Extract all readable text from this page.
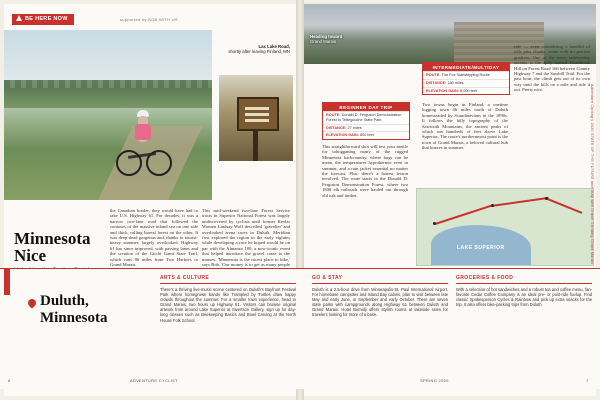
BE HERE NOW	supported by BOB WITH US
Lax Lake Road,
shortly after leaving Finland, MN
Minnesota Nice
the Canadian border, they would have had to take U.S. Highway 61. For decades, it was a narrow two-lane road that followed the contours of the massive inland sea on one side and thick, rolling boreal forest on the other. It was deep-dead gorgeous and, thanks to tourist-heavy summer, largely overlooked. Highway 61 has since improved, with passing lanes and the creation of the Gitchi Gami State Trail, which runs 86 miles from Two Harbors to Grand Marais.
This mid-weekend two-lane Forest Service tracts in Superior National Forest was largely undiscovered by cyclists until former Kevlar Women Lindsay Wolf described 'gravelier' and overlooked arena races in Duluth. Meridian first explored the region in the early eighties while developing a race he hoped would be on par with the Almanzo 100, a now-iconic event that helped introduce the gravel craze to the masses. 'Minnesota is the nicest place to bike,' says Bob. 'Our money is to get as many people
Heading toward
Grand Marais
BEGINNER DAY TRIP
ROUTE: Donald D. Ferguson Demonstration Forest to Tettegouche State Park
DISTANCE: 27 miles
ELEVATION GAIN: 800 feet
INTERMEDIATE/MULTIDAY
ROUTE: The Fox Sidestepping Route
DISTANCE: 180 miles
ELEVATION GAIN: 8,000 feet
This straightforward shot will test your mettle for tobogganing many of the rugged Minnesota backcountry, where bugs can be mean, the temperatures hypothermic even in summer, and a rain jacket essential no matter the forecast. Plus, there's a honest lesson involved. The route starts in the Donald D. Ferguson Demonstration Forest, where two 1800 elk railroads were hauled out through old oak and timber.
Two towns begin in Finland, a onetime logging town 46 miles north of Duluth homesteaded by Scandinavians in the 1890s. It follows the hilly topography of the Sawtooth Mountains, the ancient peaks of which run hundreds of feet above Lake Superior. The route's northernmost point is the town of Grand Marais, a beloved cultural hub that buzzes in summer.
ride — even considering a handful of tells plus climbs, come with no percent gradient. One of the more noteworthy ascents is the aptly named Heartbreak Hill on Forest Road 166 between County Highway 7 and the Sawbill Trail. For the past hour, the climb gets out of its own way until the hills on a mile and ride it out. Pretty nice.
LAKE SUPERIOR	Adventure Cycling's 2020 STATE OF THE FUTURE bike map with Gravel Grinding Grand Marais
Duluth, Minnesota
ARTS & CULTURE
There's a thriving live-music scene centered on Duluth's Bayfront Festival Park where homegrown bands like Trampled by Turtles draw happy crowds throughout the summer. For a smaller town experience, head to Grand Marais, two hours up Highway 61. Visitors can browse original artwork from around Lake Superior at Sivertson Gallery, sign up for day-long classes such as Beekeeping Basics and Bowl Carving at the North House Folk School.
GO & STAY
Duluth is a 2.5-hour drive from Minneapolis-St. Paul International Airport. For homebase campsites and Island Bay cabins, plan to visit between late May and early June, or September and early October. There are seven state parks with campgrounds along Highway 61 between Duluth and Grand Marais. Hotel Bemidji offers stylish rooms at lakeside rates for travelers looking for more of a base.
GROCERIES & FOOD
With a selection of hot sandwiches and a robust tea and coffee menu, fan-favorite Cedar Coffee Company is an ideal pre- or post-ride fuelup. Find classic Spokesperson Cycles & Rainbow and pick up extra snacks for the trip. It also offers bike-packing trips from Duluth.
6	ADVENTURE CYCLIST	SPRING 2020	7
